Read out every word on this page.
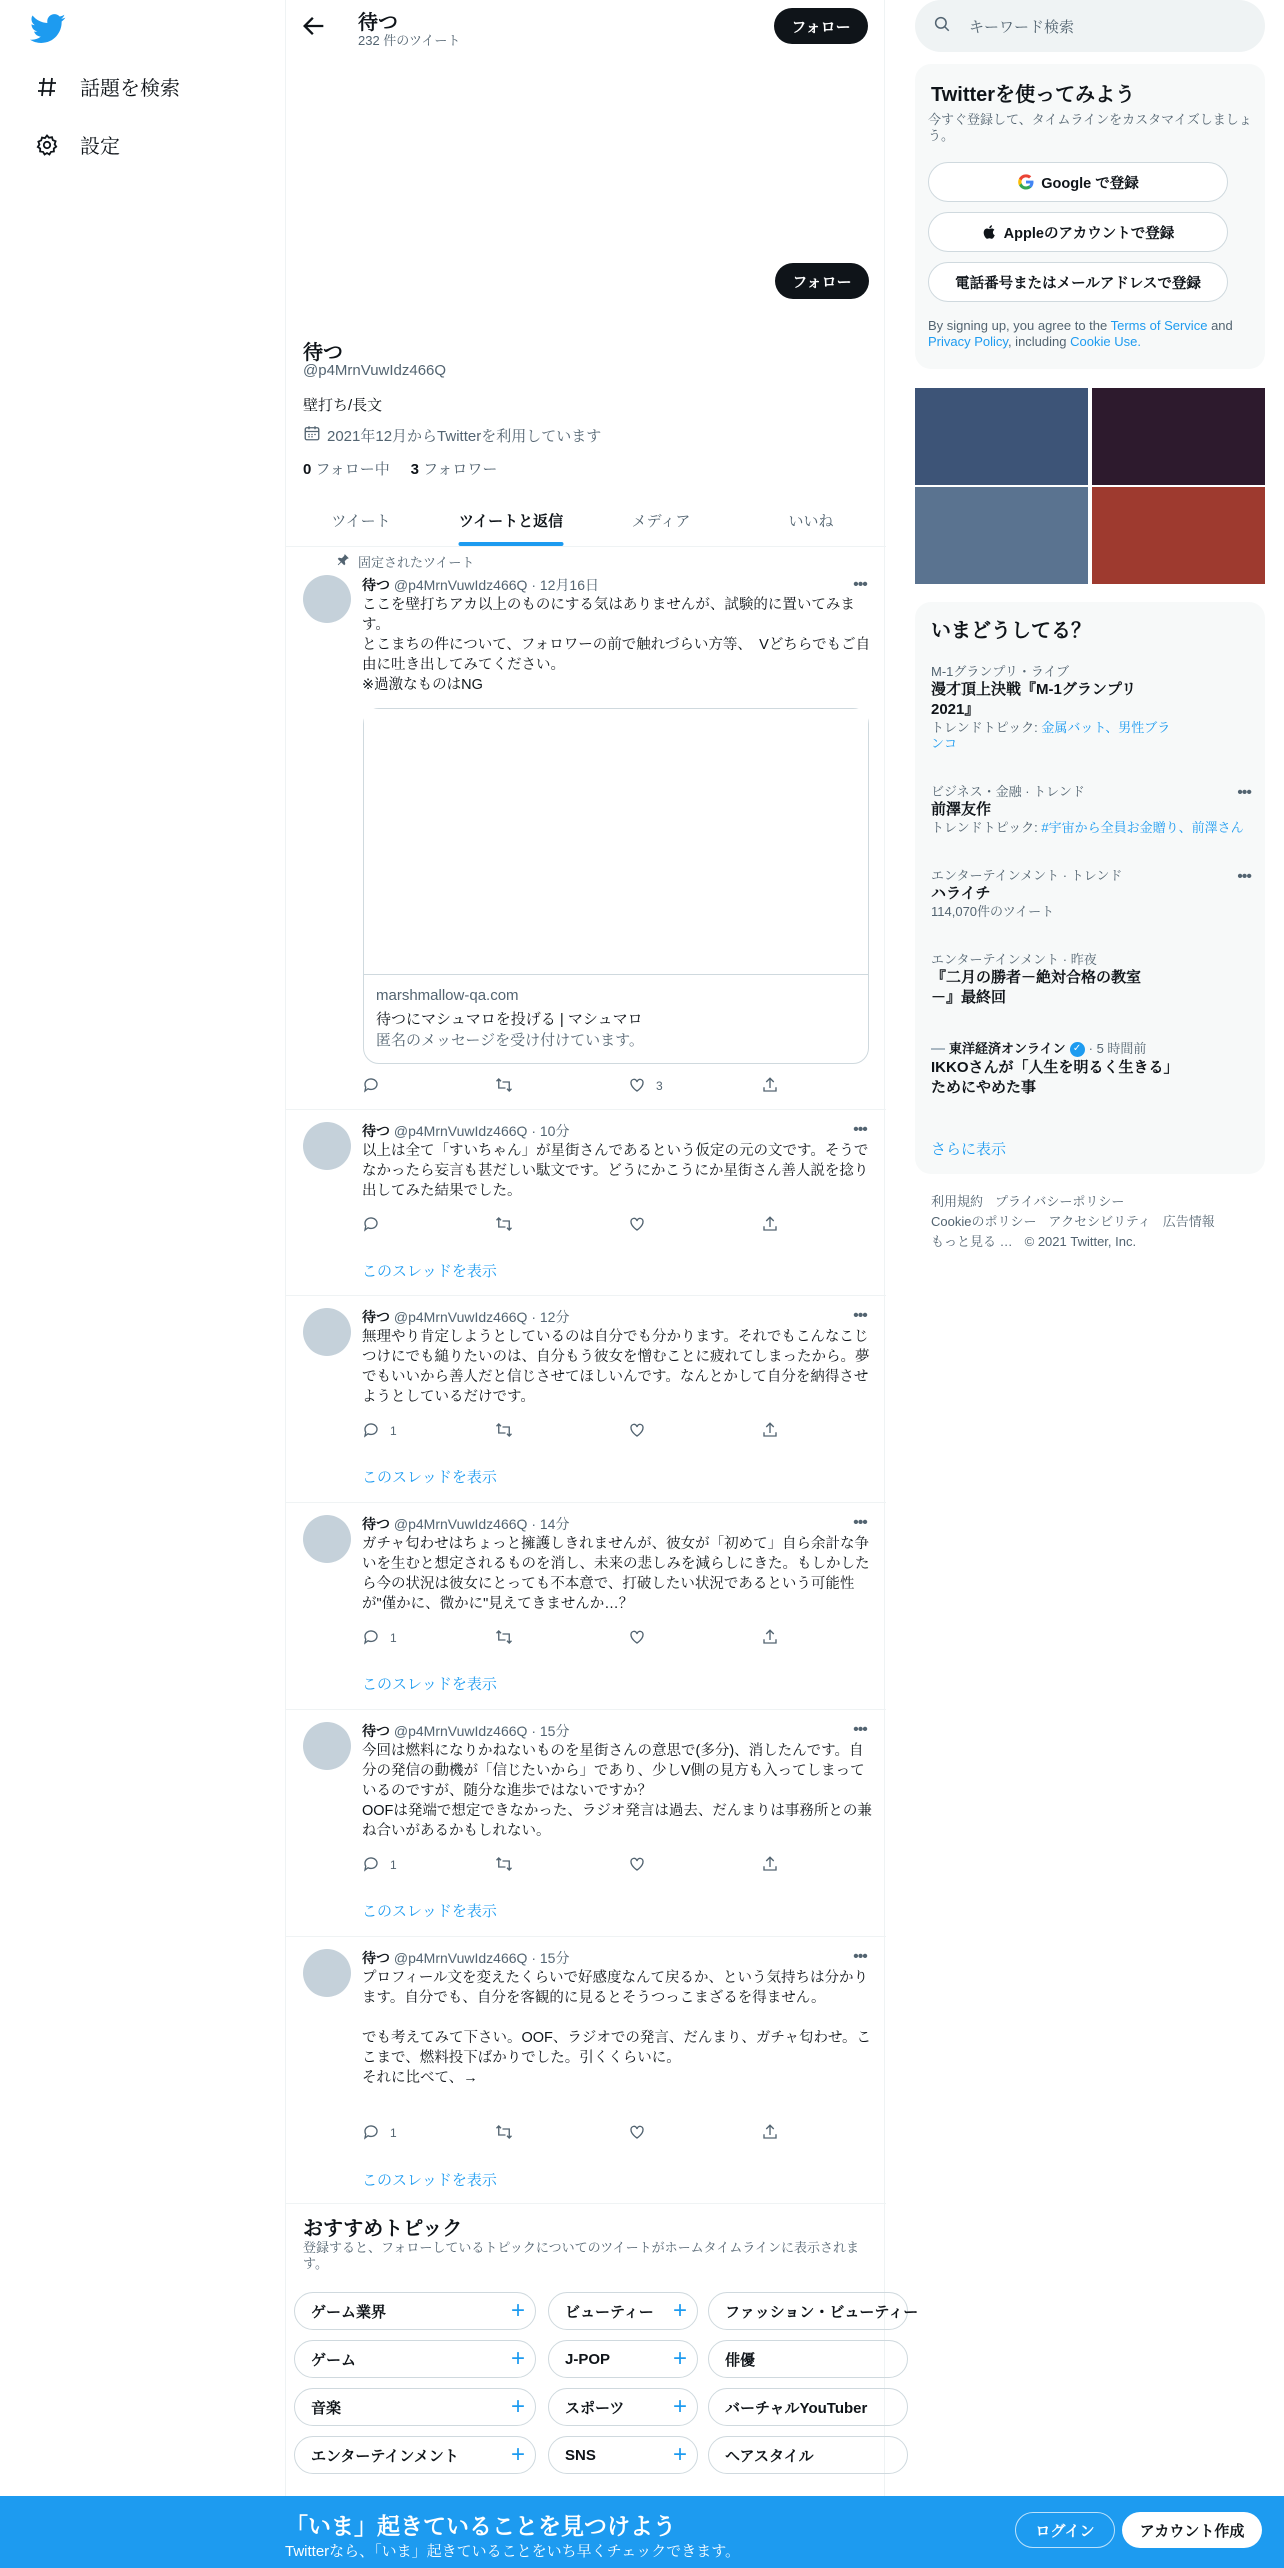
話題を検索
設定
待つ
232 件のツイート
フォロー
フォロー
待つ
@p4MrnVuwIdz466Q
壁打ち/長文
2021年12月からTwitterを利用しています
0 フォロー中 3 フォロワー
ツイート	ツイートと返信	メディア	いいね
固定されたツイート
•••
待つ @p4MrnVuwIdz466Q · 12月16日
ここを壁打ちアカ以上のものにする気はありませんが、試験的に置いてみます。
とこまちの件について、フォロワーの前で触れづらい方等、　Vどちらでもご自由に吐き出してみてください。
※過激なものはNG
marshmallow-qa.com
待つにマシュマロを投げる | マシュマロ
匿名のメッセージを受け付けています。
3
•••
待つ @p4MrnVuwIdz466Q · 10分
以上は全て「すいちゃん」が星街さんであるという仮定の元の文です。そうでなかったら妄言も甚だしい駄文です。どうにかこうにか星街さん善人説を捻り出してみた結果でした。
このスレッドを表示
•••
待つ @p4MrnVuwIdz466Q · 12分
無理やり肯定しようとしているのは自分でも分かります。それでもこんなこじつけにでも縋りたいのは、自分もう彼女を憎むことに疲れてしまったから。夢でもいいから善人だと信じさせてほしいんです。なんとかして自分を納得させようとしているだけです。
1
このスレッドを表示
•••
待つ @p4MrnVuwIdz466Q · 14分
ガチャ匂わせはちょっと擁護しきれませんが、彼女が「初めて」自ら余計な争いを生むと想定されるものを消し、未来の悲しみを減らしにきた。もしかしたら今の状況は彼女にとっても不本意で、打破したい状況であるという可能性が"僅かに、微かに"見えてきませんか…？
1
このスレッドを表示
•••
待つ @p4MrnVuwIdz466Q · 15分
今回は燃料になりかねないものを星街さんの意思で(多分)、消したんです。自分の発信の動機が「信じたいから」であり、少しV側の見方も入ってしまっているのですが、随分な進歩ではないですか？
OOFは発端で想定できなかった、ラジオ発言は過去、だんまりは事務所との兼ね合いがあるかもしれない。
1
このスレッドを表示
•••
待つ @p4MrnVuwIdz466Q · 15分
プロフィール文を変えたくらいで好感度なんて戻るか、という気持ちは分かります。自分でも、自分を客観的に見るとそうつっこまざるを得ません。

でも考えてみて下さい。OOF、ラジオでの発言、だんまり、ガチャ匂わせ。ここまで、燃料投下ばかりでした。引くくらいに。
それに比べて、→
1
このスレッドを表示
おすすめトピック
登録すると、フォローしているトピックについてのツイートがホームタイムラインに表示されます。
ゲーム業界	+	ビューティー +	ファッション・ビューティー
ゲーム	+	J-POP	+	俳優
音楽	+	スポーツ +	バーチャルYouTuber
エンターテインメント +	SNS	+	ヘアスタイル
キーワード検索
Twitterを使ってみよう
今すぐ登録して、タイムラインをカスタマイズしましょう。
Google で登録
Appleのアカウントで登録
電話番号またはメールアドレスで登録
By signing up, you agree to the Terms of Service and Privacy Policy, including Cookie Use.
いまどうしてる？
M-1グランプリ・ライブ
漫才頂上決戦『M-1グランプリ2021』
トレンドトピック: 金属バット、男性ブランコ
•••
ビジネス・金融 · トレンド
前澤友作
トレンドトピック: #宇宙から全員お金贈り、前澤さん
•••
エンターテインメント · トレンド
ハライチ
114,070件のツイート
エンターテインメント · 昨夜
『二月の勝者－絶対合格の教室－』最終回
東洋経済オンライン ✓ · 5 時間前
IKKOさんが「人生を明るく生きる」ためにやめた事
さらに表示
利用規約 プライバシーポリシー
Cookieのポリシー アクセシビリティ 広告情報
もっと見る … © 2021 Twitter, Inc.
「いま」起きていることを見つけよう
Twitterなら、「いま」起きていることをいち早くチェックできます。
ログイン	アカウント作成
